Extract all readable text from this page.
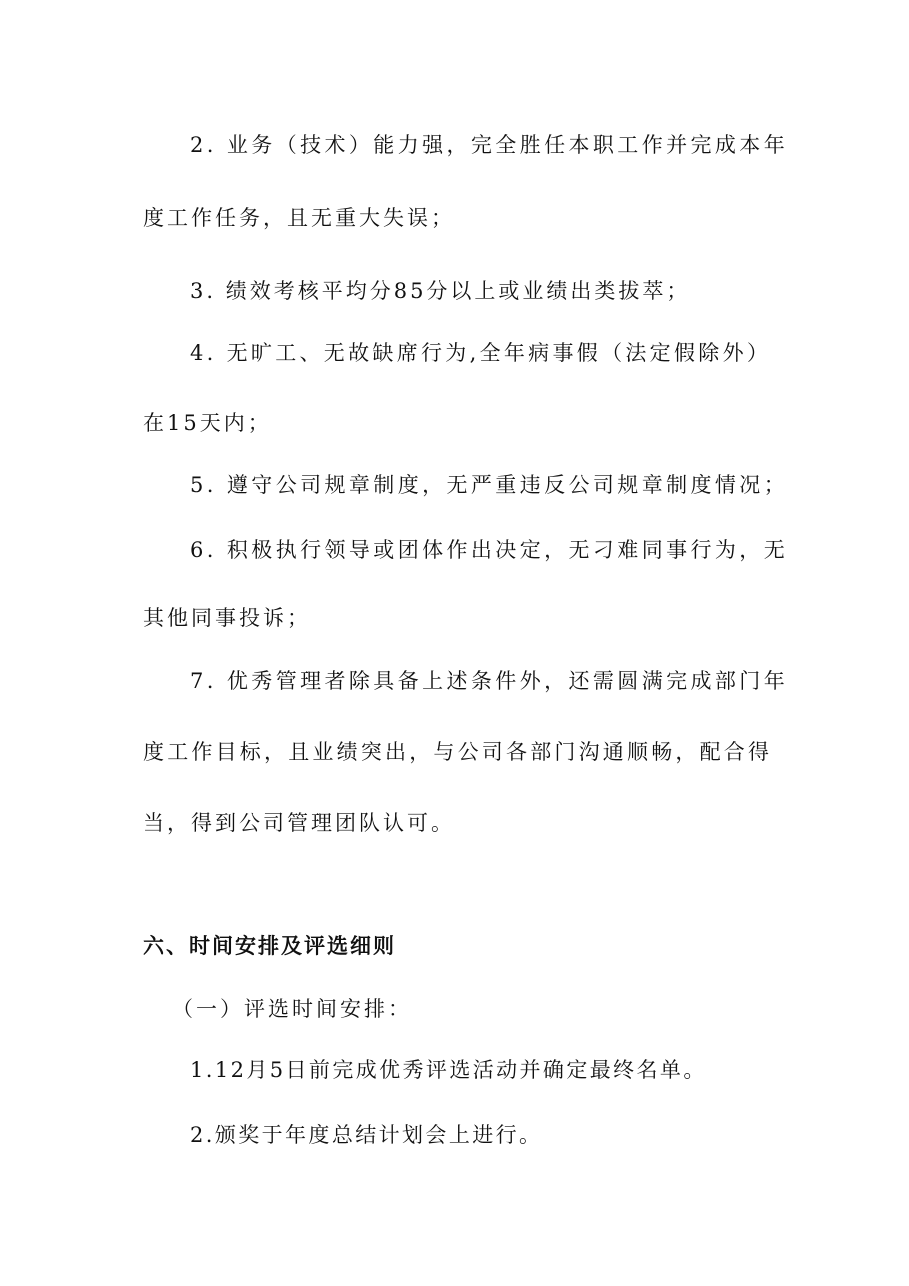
2. 业务（技术）能力强，完全胜任本职工作并完成本年
度工作任务，且无重大失误；
3. 绩效考核平均分85分以上或业绩出类拔萃；
4. 无旷工、无故缺席行为,全年病事假（法定假除外）
在15天内；
5. 遵守公司规章制度，无严重违反公司规章制度情况；
6. 积极执行领导或团体作出决定，无刁难同事行为，无
其他同事投诉；
7. 优秀管理者除具备上述条件外，还需圆满完成部门年
度工作目标，且业绩突出，与公司各部门沟通顺畅，配合得
当，得到公司管理团队认可。
六、时间安排及评选细则
（一）评选时间安排：
1.12月5日前完成优秀评选活动并确定最终名单。
2.颁奖于年度总结计划会上进行。
